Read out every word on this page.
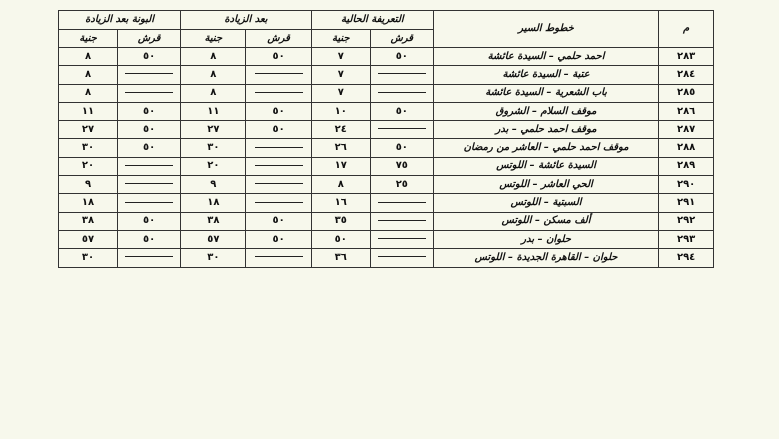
م	خطوط السير	التعريفة الحالية		بعد الزيادة		البونة بعد الزيادة	
		قرش	جنية	قرش	جنية	قرش	جنية
٢٨٣	احمد حلمي – السيدة عائشة	٥٠	٧	٥٠	٨	٥٠	٨
٢٨٤	عتبة – السيدة عائشة		٧		٨		٨
٢٨٥	باب الشعرية – السيدة عائشة		٧		٨		٨
٢٨٦	موقف السلام – الشروق	٥٠	١٠	٥٠	١١	٥٠	١١
٢٨٧	موقف احمد حلمي – بدر		٢٤	٥٠	٢٧	٥٠	٢٧
٢٨٨	موقف احمد حلمي – العاشر من رمضان	٥٠	٢٦		٣٠	٥٠	٣٠
٢٨٩	السيدة عائشة – اللوتس	٧٥	١٧		٢٠		٢٠
٢٩٠	الحي العاشر – اللوتس	٢٥	٨		٩		٩
٢٩١	السبتية – اللوتس		١٦		١٨		١٨
٢٩٢	ألف مسكن – اللوتس		٣٥	٥٠	٣٨	٥٠	٣٨
٢٩٣	حلوان – بدر		٥٠	٥٠	٥٧	٥٠	٥٧
٢٩٤	حلوان – القاهرة الجديدة – اللوتس		٣٦		٣٠		٣٠
